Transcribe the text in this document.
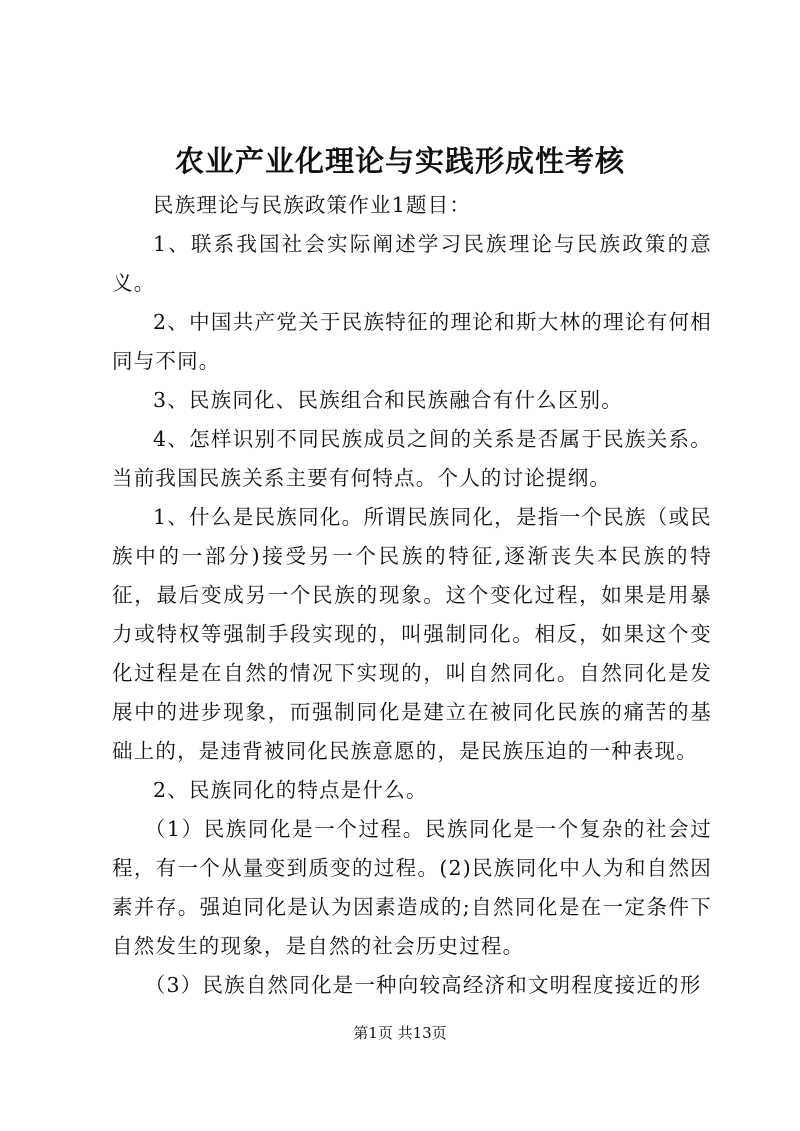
农业产业化理论与实践形成性考核

民族理论与民族政策作业1题目：

1、联系我国社会实际阐述学习民族理论与民族政策的意义。

2、中国共产党关于民族特征的理论和斯大林的理论有何相同与不同。

3、民族同化、民族组合和民族融合有什么区别。

4、怎样识别不同民族成员之间的关系是否属于民族关系。当前我国民族关系主要有何特点。个人的讨论提纲。

1、什么是民族同化。所谓民族同化，是指一个民族（或民族中的一部分)接受另一个民族的特征,逐渐丧失本民族的特征，最后变成另一个民族的现象。这个变化过程，如果是用暴力或特权等强制手段实现的，叫强制同化。相反，如果这个变化过程是在自然的情况下实现的，叫自然同化。自然同化是发展中的进步现象，而强制同化是建立在被同化民族的痛苦的基础上的，是违背被同化民族意愿的，是民族压迫的一种表现。

2、民族同化的特点是什么。

（1）民族同化是一个过程。民族同化是一个复杂的社会过程，有一个从量变到质变的过程。(2)民族同化中人为和自然因素并存。强迫同化是认为因素造成的;自然同化是在一定条件下自然发生的现象，是自然的社会历史过程。

（3）民族自然同化是一种向较高经济和文明程度接近的形

第1页 共13页
